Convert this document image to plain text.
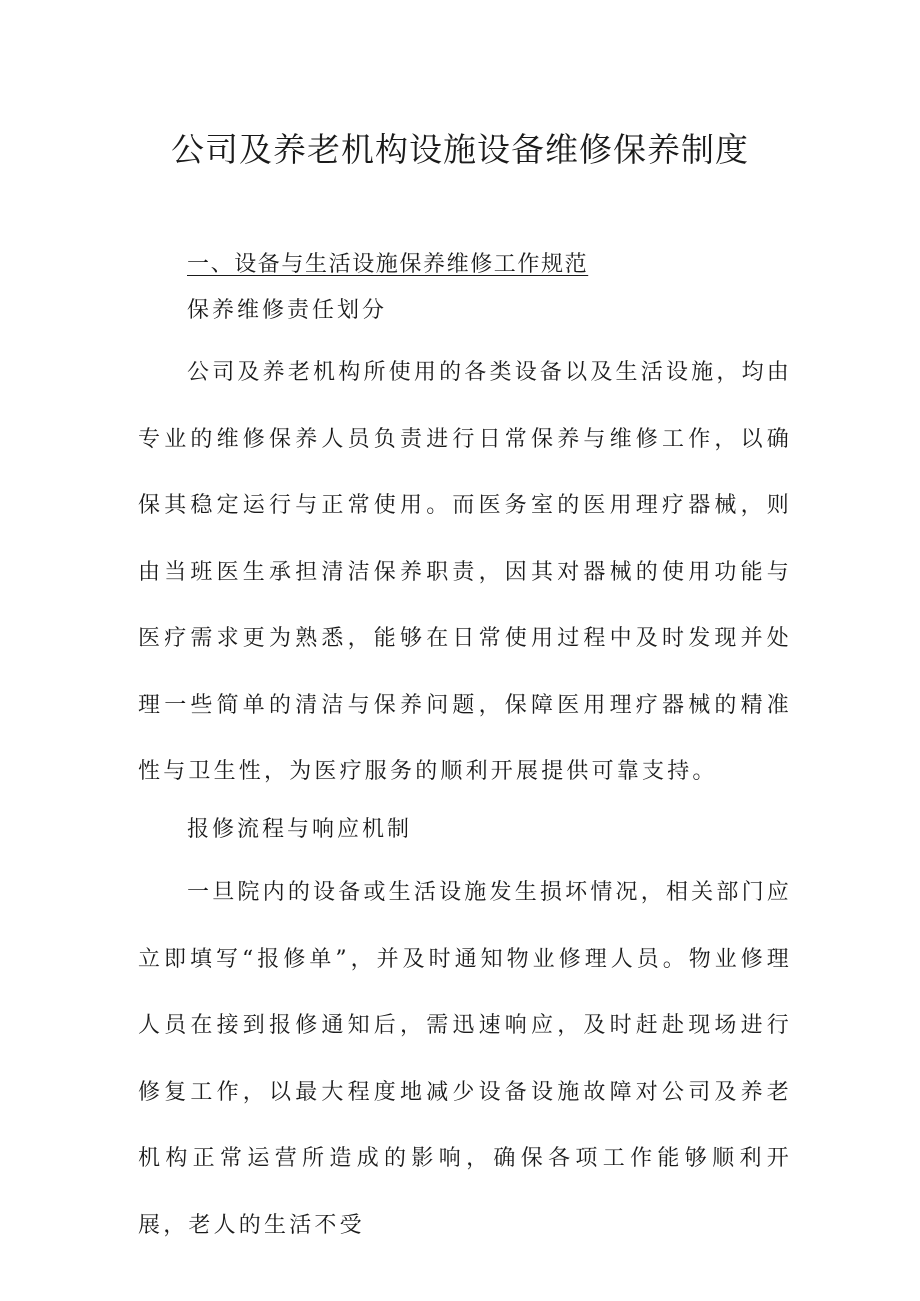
公司及养老机构设施设备维修保养制度
一、设备与生活设施保养维修工作规范
保养维修责任划分

公司及养老机构所使用的各类设备以及生活设施，均由专业的维修保养人员负责进行日常保养与维修工作，以确保其稳定运行与正常使用。而医务室的医用理疗器械，则由当班医生承担清洁保养职责，因其对器械的使用功能与医疗需求更为熟悉，能够在日常使用过程中及时发现并处理一些简单的清洁与保养问题，保障医用理疗器械的精准性与卫生性，为医疗服务的顺利开展提供可靠支持。

报修流程与响应机制

一旦院内的设备或生活设施发生损坏情况，相关部门应立即填写“报修单”，并及时通知物业修理人员。物业修理人员在接到报修通知后，需迅速响应，及时赶赴现场进行修复工作，以最大程度地减少设备设施故障对公司及养老机构正常运营所造成的影响，确保各项工作能够顺利开展，老人的生活不受
